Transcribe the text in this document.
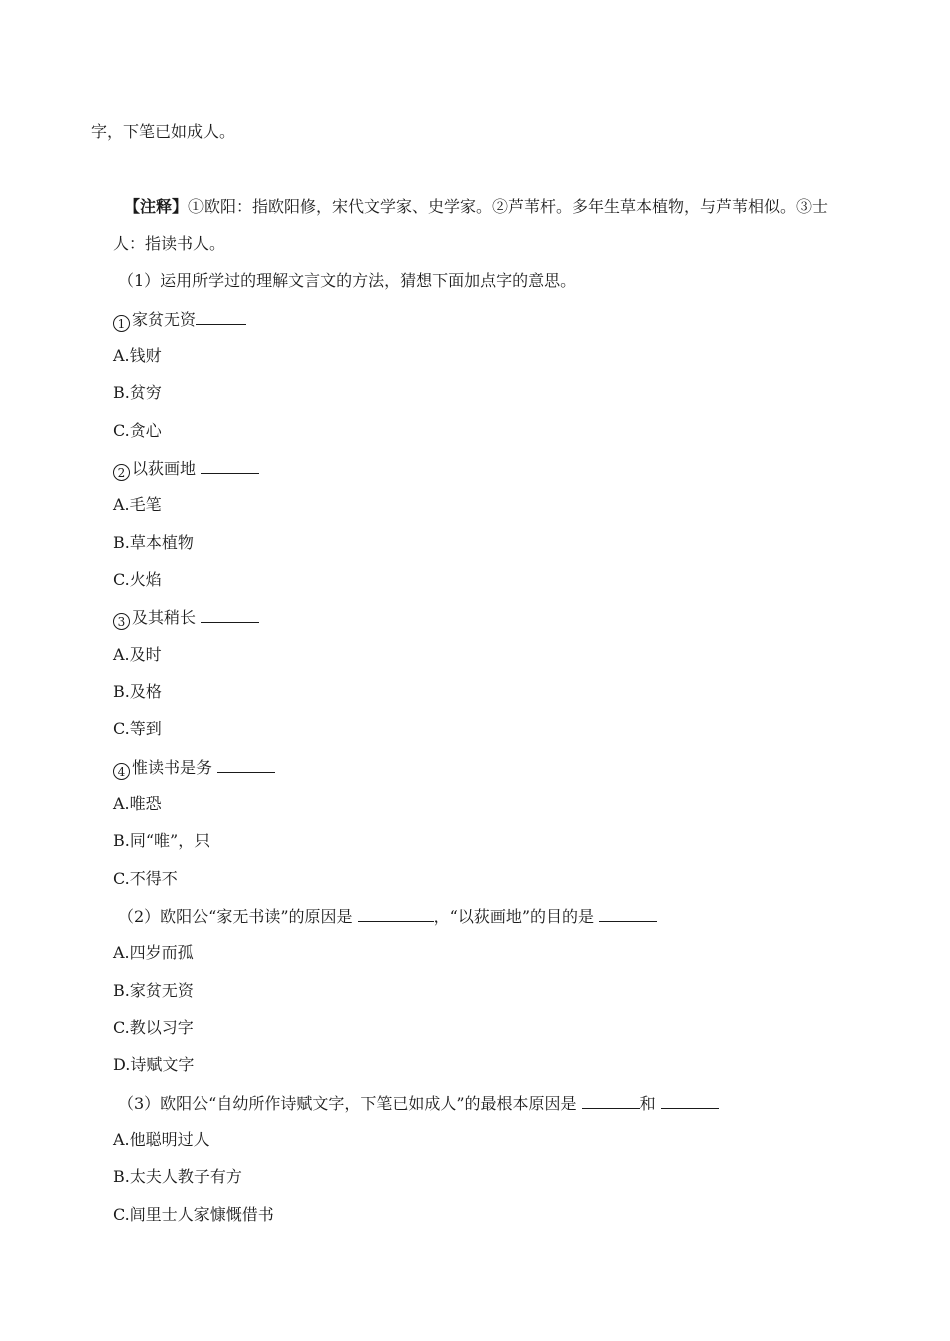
字，下笔已如成人。
【注释】①欧阳：指欧阳修，宋代文学家、史学家。②芦苇杆。多年生草本植物，与芦苇相似。③士
人：指读书人。
（1）运用所学过的理解文言文的方法，猜想下面加点字的意思。
1 家贫无资
A.钱财
B.贫穷
C.贪心
2 以荻画地
A.毛笔
B.草本植物
C.火焰
3 及其稍长
A.及时
B.及格
C.等到
4 惟读书是务
A.唯恐
B.同“唯”，只
C.不得不
（2）欧阳公“家无书读”的原因是	，“以荻画地”的目的是
A.四岁而孤
B.家贫无资
C.教以习字
D.诗赋文字
（3）欧阳公“自幼所作诗赋文字，下笔已如成人”的最根本原因是	和
A.他聪明过人
B.太夫人教子有方
C.闾里士人家慷慨借书
